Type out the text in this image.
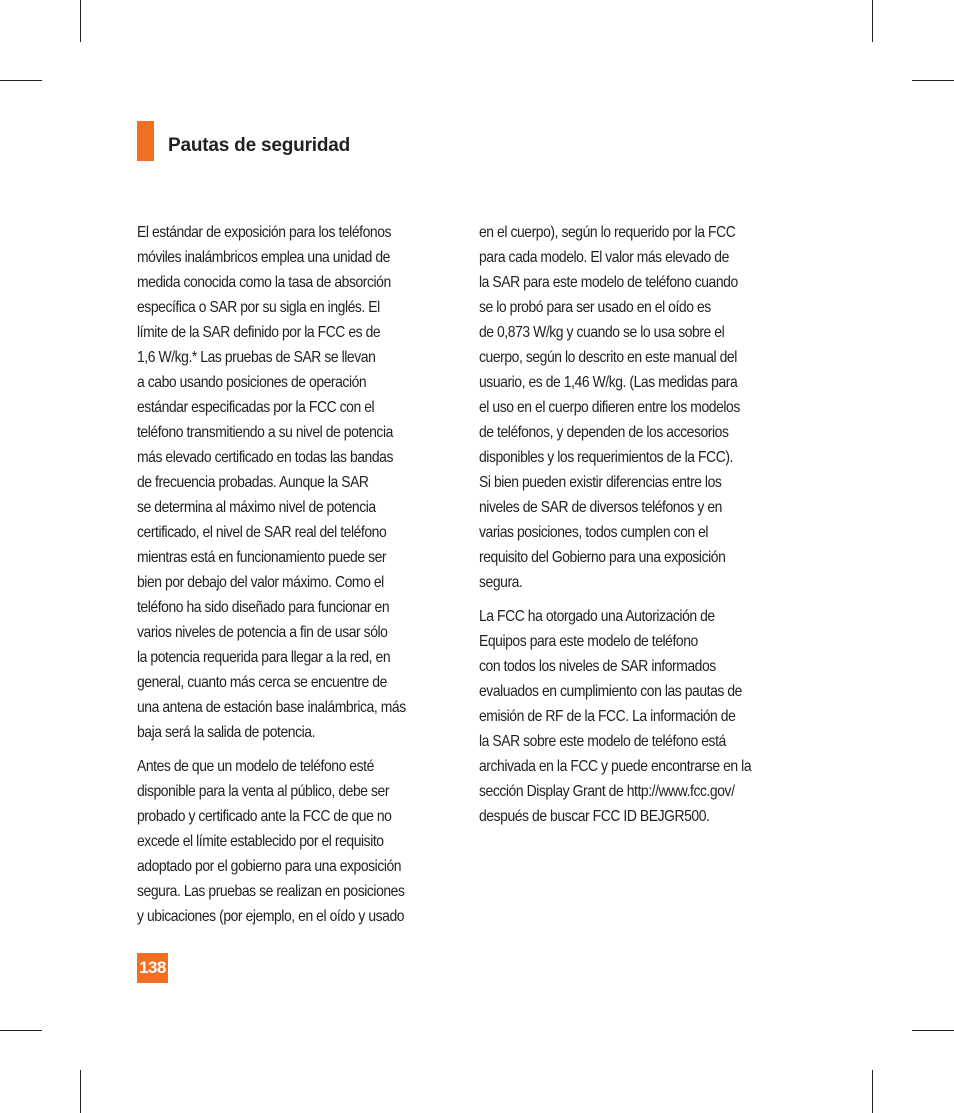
Pautas de seguridad

El estándar de exposición para los teléfonos
móviles inalámbricos emplea una unidad de
medida conocida como la tasa de absorción
específica o SAR por su sigla en inglés. El
límite de la SAR definido por la FCC es de
1,6 W/kg.* Las pruebas de SAR se llevan
a cabo usando posiciones de operación
estándar especificadas por la FCC con el
teléfono transmitiendo a su nivel de potencia
más elevado certificado en todas las bandas
de frecuencia probadas. Aunque la SAR
se determina al máximo nivel de potencia
certificado, el nivel de SAR real del teléfono
mientras está en funcionamiento puede ser
bien por debajo del valor máximo. Como el
teléfono ha sido diseñado para funcionar en
varios niveles de potencia a fin de usar sólo
la potencia requerida para llegar a la red, en
general, cuanto más cerca se encuentre de
una antena de estación base inalámbrica, más
baja será la salida de potencia.

Antes de que un modelo de teléfono esté
disponible para la venta al público, debe ser
probado y certificado ante la FCC de que no
excede el límite establecido por el requisito
adoptado por el gobierno para una exposición
segura. Las pruebas se realizan en posiciones
y ubicaciones (por ejemplo, en el oído y usado

en el cuerpo), según lo requerido por la FCC
para cada modelo. El valor más elevado de
la SAR para este modelo de teléfono cuando
se lo probó para ser usado en el oído es
de 0,873 W/kg y cuando se lo usa sobre el
cuerpo, según lo descrito en este manual del
usuario, es de 1,46 W/kg. (Las medidas para
el uso en el cuerpo difieren entre los modelos
de teléfonos, y dependen de los accesorios
disponibles y los requerimientos de la FCC).
Si bien pueden existir diferencias entre los
niveles de SAR de diversos teléfonos y en
varias posiciones, todos cumplen con el
requisito del Gobierno para una exposición
segura.

La FCC ha otorgado una Autorización de
Equipos para este modelo de teléfono
con todos los niveles de SAR informados
evaluados en cumplimiento con las pautas de
emisión de RF de la FCC. La información de
la SAR sobre este modelo de teléfono está
archivada en la FCC y puede encontrarse en la
sección Display Grant de http://www.fcc.gov/
después de buscar FCC ID BEJGR500.

138
